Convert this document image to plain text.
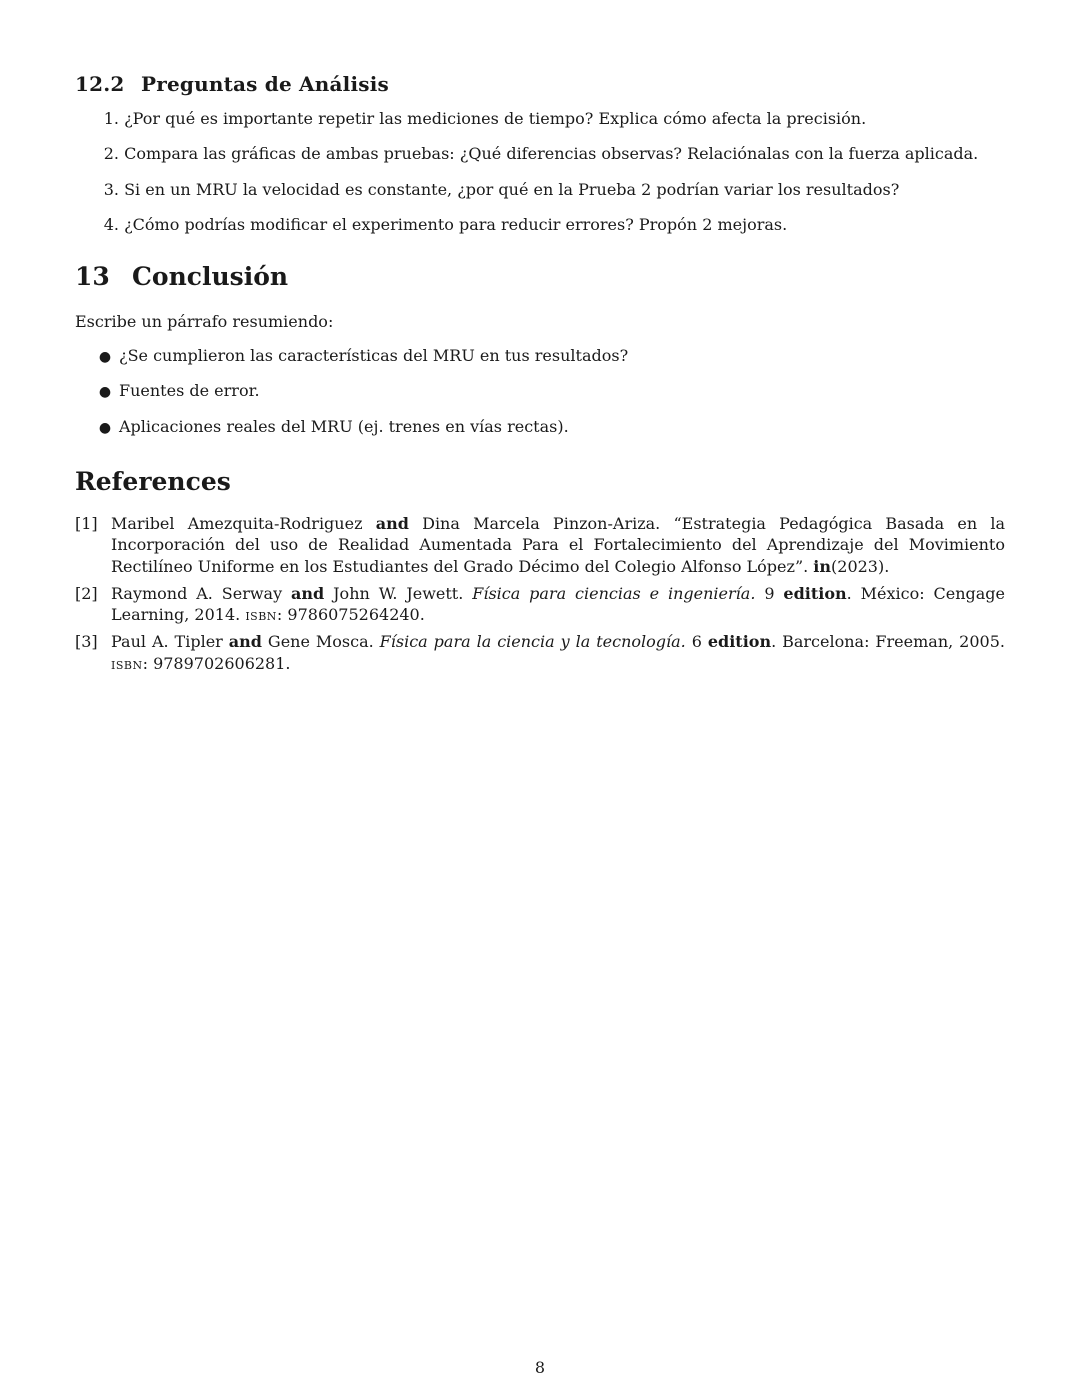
12.2 Preguntas de Análisis
1. ¿Por qué es importante repetir las mediciones de tiempo? Explica cómo afecta la precisión.
2. Compara las gráficas de ambas pruebas: ¿Qué diferencias observas? Relaciónalas con la fuerza aplicada.
3. Si en un MRU la velocidad es constante, ¿por qué en la Prueba 2 podrían variar los resultados?
4. ¿Cómo podrías modificar el experimento para reducir errores? Propón 2 mejoras.
13 Conclusión
Escribe un párrafo resumiendo:
● ¿Se cumplieron las características del MRU en tus resultados?
● Fuentes de error.
● Aplicaciones reales del MRU (ej. trenes en vías rectas).
References
[1] Maribel Amezquita-Rodriguez and Dina Marcela Pinzon-Ariza. “Estrategia Pedagógica Basada en la Incorporación del uso de Realidad Aumentada Para el Fortalecimiento del Aprendizaje del Movimiento Rectilíneo Uniforme en los Estudiantes del Grado Décimo del Colegio Alfonso López”. in(2023).
[2] Raymond A. Serway and John W. Jewett. Física para ciencias e ingeniería. 9 edition. México: Cengage Learning, 2014. isbn: 9786075264240.
[3] Paul A. Tipler and Gene Mosca. Física para la ciencia y la tecnología. 6 edition. Barcelona: Freeman, 2005. isbn: 9789702606281.
8
